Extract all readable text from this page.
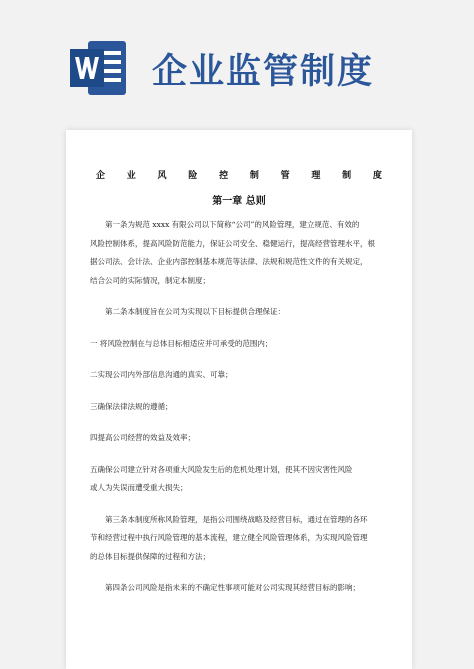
企业监管制度
企 业 风 险 控 制 管 理 制 度
第一章 总则

第一条为规范 xxxx 有限公司以下简称“公司”的风险管理，建立规范、有效的

风险控制体系，提高风险防范能力，保证公司安全、稳健运行，提高经营管理水平，根

据公司法、会计法、企业内部控制基本规范等法律、法规和规范性文件的有关规定，

结合公司的实际情况，制定本制度；

第二条本制度旨在公司为实现以下目标提供合理保证：

一 将风险控制在与总体目标相适应并可承受的范围内；

二实现公司内外部信息沟通的真实、可靠；

三确保法律法规的遵循；

四提高公司经营的效益及效率；

五确保公司建立针对各项重大风险发生后的危机处理计划，使其不因灾害性风险

或人为失误而遭受重大损失；

第三条本制度所称风险管理，是指公司围绕战略及经营目标，通过在管理的各环

节和经营过程中执行风险管理的基本流程，建立健全风险管理体系，为实现风险管理

的总体目标提供保障的过程和方法；

第四条公司风险是指未来的不确定性事项可能对公司实现其经营目标的影响；
